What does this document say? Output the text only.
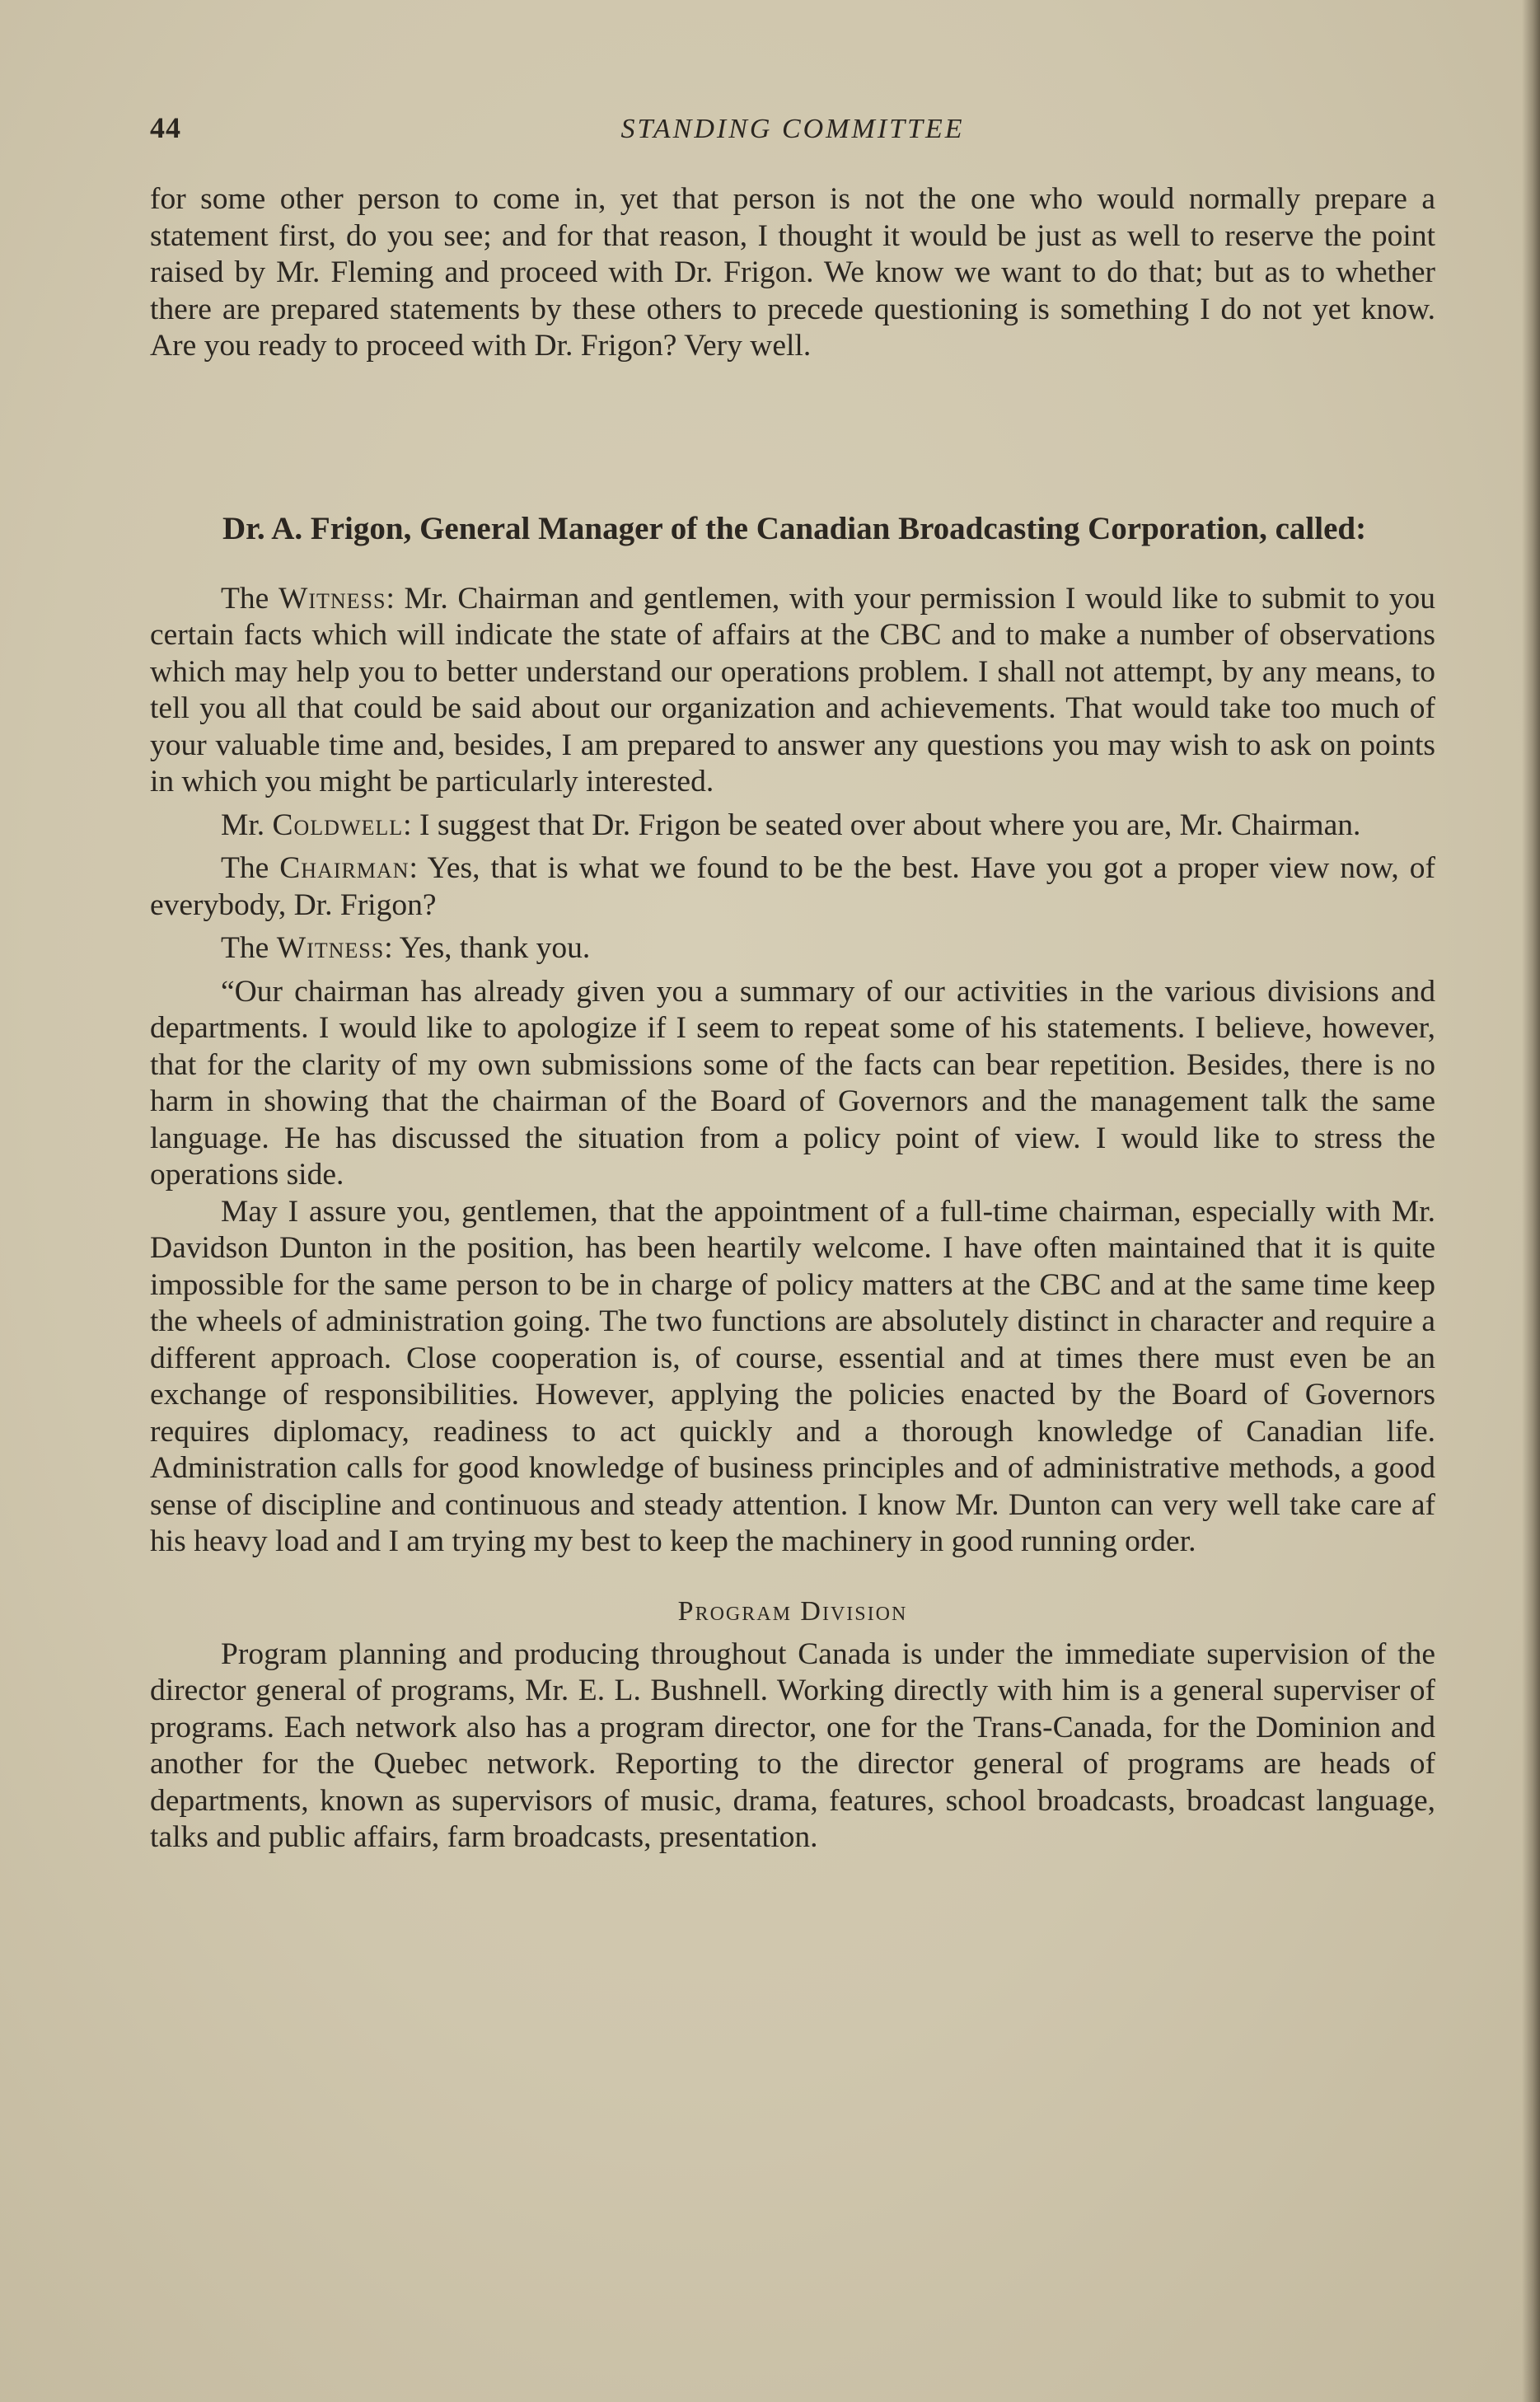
44	STANDING COMMITTEE

for some other person to come in, yet that person is not the one who would normally prepare a statement first, do you see; and for that reason, I thought it would be just as well to reserve the point raised by Mr. Fleming and proceed with Dr. Frigon. We know we want to do that; but as to whether there are prepared statements by these others to precede questioning is something I do not yet know. Are you ready to proceed with Dr. Frigon? Very well.

Dr. A. Frigon, General Manager of the Canadian Broadcasting Corporation, called:

The Witness: Mr. Chairman and gentlemen, with your permission I would like to submit to you certain facts which will indicate the state of affairs at the CBC and to make a number of observations which may help you to better understand our operations problem. I shall not attempt, by any means, to tell you all that could be said about our organization and achievements. That would take too much of your valuable time and, besides, I am prepared to answer any questions you may wish to ask on points in which you might be particularly interested.

Mr. Coldwell: I suggest that Dr. Frigon be seated over about where you are, Mr. Chairman.

The Chairman: Yes, that is what we found to be the best. Have you got a proper view now, of everybody, Dr. Frigon?

The Witness: Yes, thank you.

“Our chairman has already given you a summary of our activities in the various divisions and departments. I would like to apologize if I seem to repeat some of his statements. I believe, however, that for the clarity of my own submissions some of the facts can bear repetition. Besides, there is no harm in showing that the chairman of the Board of Governors and the management talk the same language. He has discussed the situation from a policy point of view. I would like to stress the operations side.

May I assure you, gentlemen, that the appointment of a full-time chairman, especially with Mr. Davidson Dunton in the position, has been heartily welcome. I have often maintained that it is quite impossible for the same person to be in charge of policy matters at the CBC and at the same time keep the wheels of administration going. The two functions are absolutely distinct in character and require a different approach. Close cooperation is, of course, essential and at times there must even be an exchange of responsibilities. However, applying the policies enacted by the Board of Governors requires diplomacy, readiness to act quickly and a thorough knowledge of Canadian life. Administration calls for good knowledge of business principles and of administrative methods, a good sense of discipline and continuous and steady attention. I know Mr. Dunton can very well take care af his heavy load and I am trying my best to keep the machinery in good running order.

Program Division

Program planning and producing throughout Canada is under the immediate supervision of the director general of programs, Mr. E. L. Bushnell. Working directly with him is a general superviser of programs. Each network also has a program director, one for the Trans-Canada, for the Dominion and another for the Quebec network. Reporting to the director general of programs are heads of departments, known as supervisors of music, drama, features, school broadcasts, broadcast language, talks and public affairs, farm broadcasts, presentation.
